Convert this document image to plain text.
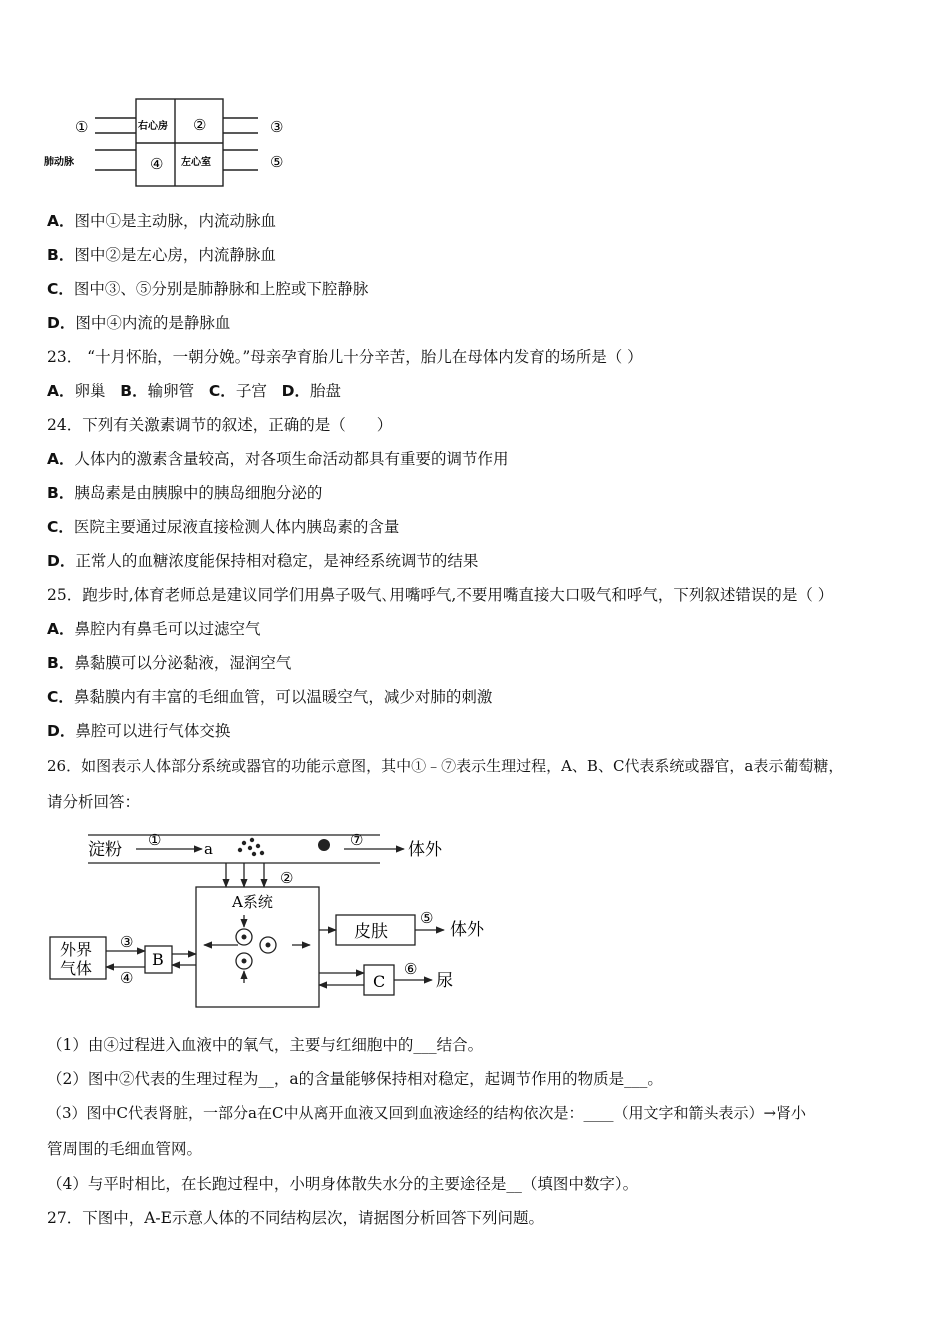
①	右心房 ②	③
肺动脉	④ 左心室	⑤
A．图中①是主动脉，内流动脉血
B．图中②是左心房，内流静脉血
C．图中③、⑤分别是肺静脉和上腔或下腔静脉
D．图中④内流的是静脉血
23． “十月怀胎，一朝分娩。”母亲孕育胎儿十分辛苦，胎儿在母体内发育的场所是（ ）
A．卵巢 B．输卵管 C．子宫 D．胎盘
24．下列有关激素调节的叙述，正确的是（　　）
A．人体内的激素含量较高，对各项生命活动都具有重要的调节作用
B．胰岛素是由胰腺中的胰岛细胞分泌的
C．医院主要通过尿液直接检测人体内胰岛素的含量
D．正常人的血糖浓度能保持相对稳定，是神经系统调节的结果
25．跑步时,体育老师总是建议同学们用鼻子吸气､用嘴呼气,不要用嘴直接大口吸气和呼气，下列叙述错误的是（ ）
A．鼻腔内有鼻毛可以过滤空气
B．鼻黏膜可以分泌黏液，湿润空气
C．鼻黏膜内有丰富的毛细血管，可以温暖空气，减少对肺的刺激
D．鼻腔可以进行气体交换
26．如图表示人体部分系统或器官的功能示意图，其中①﹣⑦表示生理过程，A、B、C代表系统或器官，a表示葡萄糖，
请分析回答：
淀粉 ①	a	⑦	体外
②
A系统
皮肤
⑤
体外
C
⑥
尿
B
外界
气体
③
④
（1）由④过程进入血液中的氧气，主要与红细胞中的___结合。
（2）图中②代表的生理过程为__，a的含量能够保持相对稳定，起调节作用的物质是___。
（3）图中C代表肾脏，一部分a在C中从离开血液又回到血液途经的结构依次是：____（用文字和箭头表示）→肾小
管周围的毛细血管网。
（4）与平时相比，在长跑过程中，小明身体散失水分的主要途径是__（填图中数字）。
27．下图中，A-E示意人体的不同结构层次，请据图分析回答下列问题。
